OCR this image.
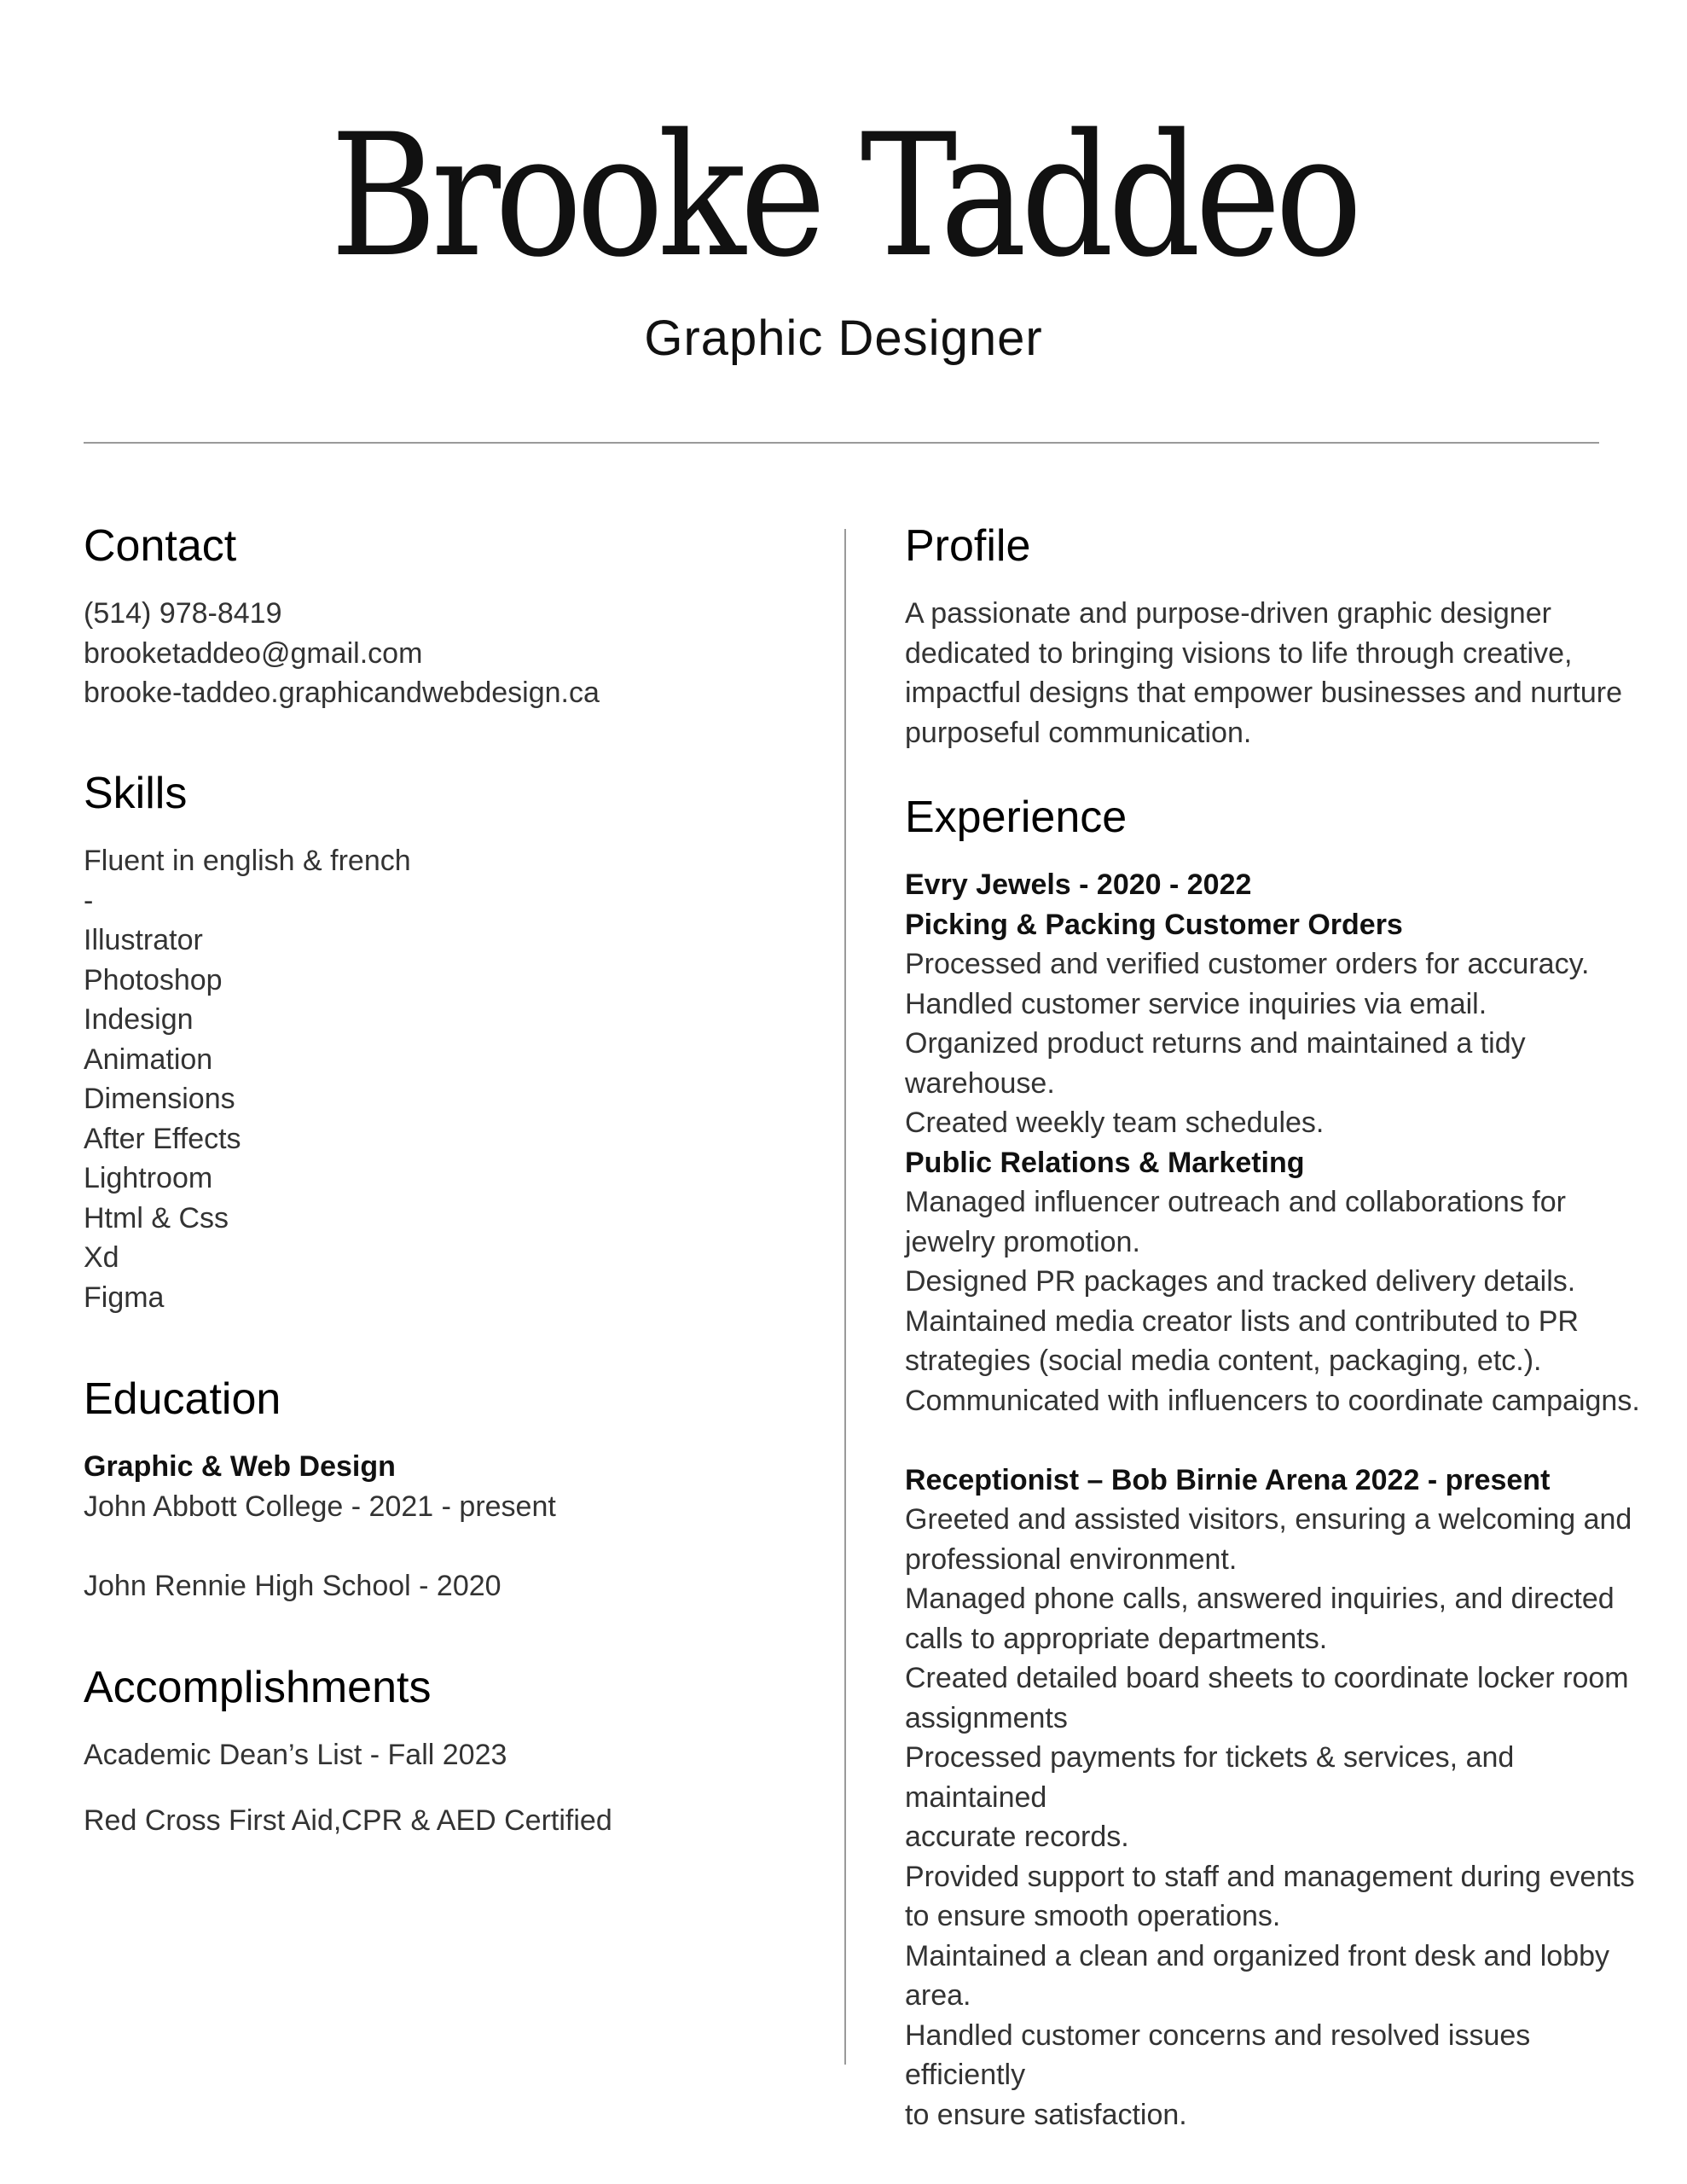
Brooke Taddeo
Graphic Designer
Contact
(514) 978-8419
brooketaddeo@gmail.com
brooke-taddeo.graphicandwebdesign.ca
Skills
Fluent in english & french
-
Illustrator
Photoshop
Indesign
Animation
Dimensions
After Effects
Lightroom
Html & Css
Xd
Figma
Education
Graphic & Web Design
John Abbott College - 2021 - present
John Rennie High School - 2020
Accomplishments
Academic Dean’s List - Fall 2023
Red Cross First Aid,CPR & AED Certified
Profile
A passionate and purpose-driven graphic designer
dedicated to bringing visions to life through creative,
impactful designs that empower businesses and nurture
purposeful communication.
Experience
Evry Jewels - 2020 - 2022
Picking & Packing Customer Orders
Processed and verified customer orders for accuracy.
Handled customer service inquiries via email.
Organized product returns and maintained a tidy
warehouse.
Created weekly team schedules.
Public Relations & Marketing
Managed influencer outreach and collaborations for
jewelry promotion.
Designed PR packages and tracked delivery details.
Maintained media creator lists and contributed to PR
strategies (social media content, packaging, etc.).
Communicated with influencers to coordinate campaigns.
Receptionist – Bob Birnie Arena 2022 - present
Greeted and assisted visitors, ensuring a welcoming and
professional environment.
Managed phone calls, answered inquiries, and directed
calls to appropriate departments.
Created detailed board sheets to coordinate locker room
assignments
Processed payments for tickets & services, and maintained
accurate records.
Provided support to staff and management during events
to ensure smooth operations.
Maintained a clean and organized front desk and lobby
area.
Handled customer concerns and resolved issues efficiently
to ensure satisfaction.
